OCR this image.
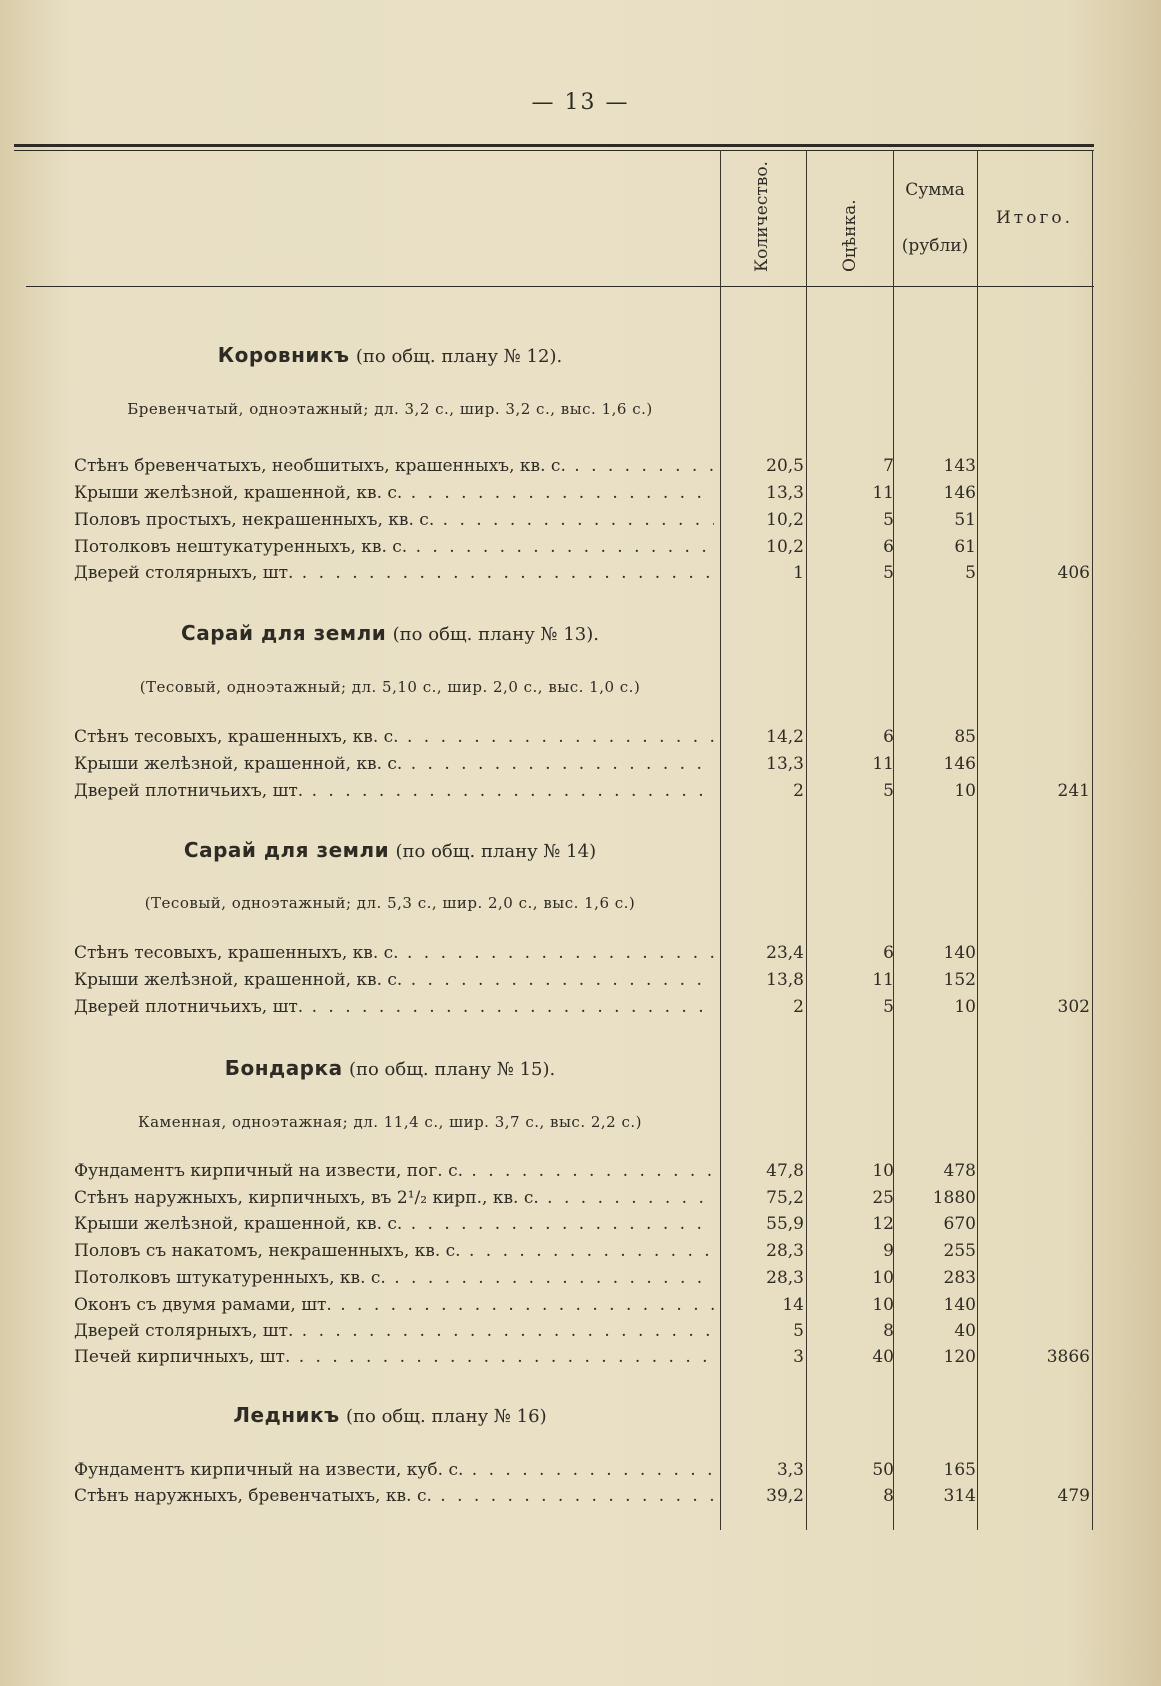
— 13 —
Количество.	Оцѣнка.
Сумма
(рубли)
Итого.
Коровникъ (по общ. плану № 12).
Бревенчатый, одноэтажный; дл. 3,2 с., шир. 3,2 с., выс. 1,6 с.)
Стѣнъ бревенчатыхъ, необшитыхъ, крашенныхъ, кв. с. . . .	20,5	7	143
Крыши желѣзной, крашенной, кв. с. . . .	13,3	11	146
Половъ простыхъ, некрашенныхъ, кв. с. . . .	10,2	5	51
Потолковъ нештукатуренныхъ, кв. с. . . .	10,2	6	61
Дверей столярныхъ, шт. . . .	1	5	5	406
Сарай для земли (по общ. плану № 13).
(Тесовый, одноэтажный; дл. 5,10 с., шир. 2,0 с., выс. 1,0 с.)
Стѣнъ тесовыхъ, крашенныхъ, кв. с. . . .	14,2	6	85
Крыши желѣзной, крашенной, кв. с. . . .	13,3	11	146
Дверей плотничьихъ, шт. . . .	2	5	10	241
Сарай для земли (по общ. плану № 14)
(Тесовый, одноэтажный; дл. 5,3 с., шир. 2,0 с., выс. 1,6 с.)
Стѣнъ тесовыхъ, крашенныхъ, кв. с. . . .	23,4	6	140
Крыши желѣзной, крашенной, кв. с. . . .	13,8	11	152
Дверей плотничьихъ, шт. . . .	2	5	10	302
Бондарка (по общ. плану № 15).
Каменная, одноэтажная; дл. 11,4 с., шир. 3,7 с., выс. 2,2 с.)
Фундаментъ кирпичный на извести, пог. с. . . .	47,8	10	478
Стѣнъ наружныхъ, кирпичныхъ, въ 2¹/₂ кирп., кв. с. . . .	75,2	25	1880
Крыши желѣзной, крашенной, кв. с. . . .	55,9	12	670
Половъ съ накатомъ, некрашенныхъ, кв. с. . . .	28,3	9	255
Потолковъ штукатуренныхъ, кв. с. . . .	28,3	10	283
Оконъ съ двумя рамами, шт. . . .	14	10	140
Дверей столярныхъ, шт. . . .	5	8	40
Печей кирпичныхъ, шт. . . .	3	40	120	3866
Ледникъ (по общ. плану № 16)
Фундаментъ кирпичный на извести, куб. с. . . .	3,3	50	165
Стѣнъ наружныхъ, бревенчатыхъ, кв. с. . . .	39,2	8	314	479
